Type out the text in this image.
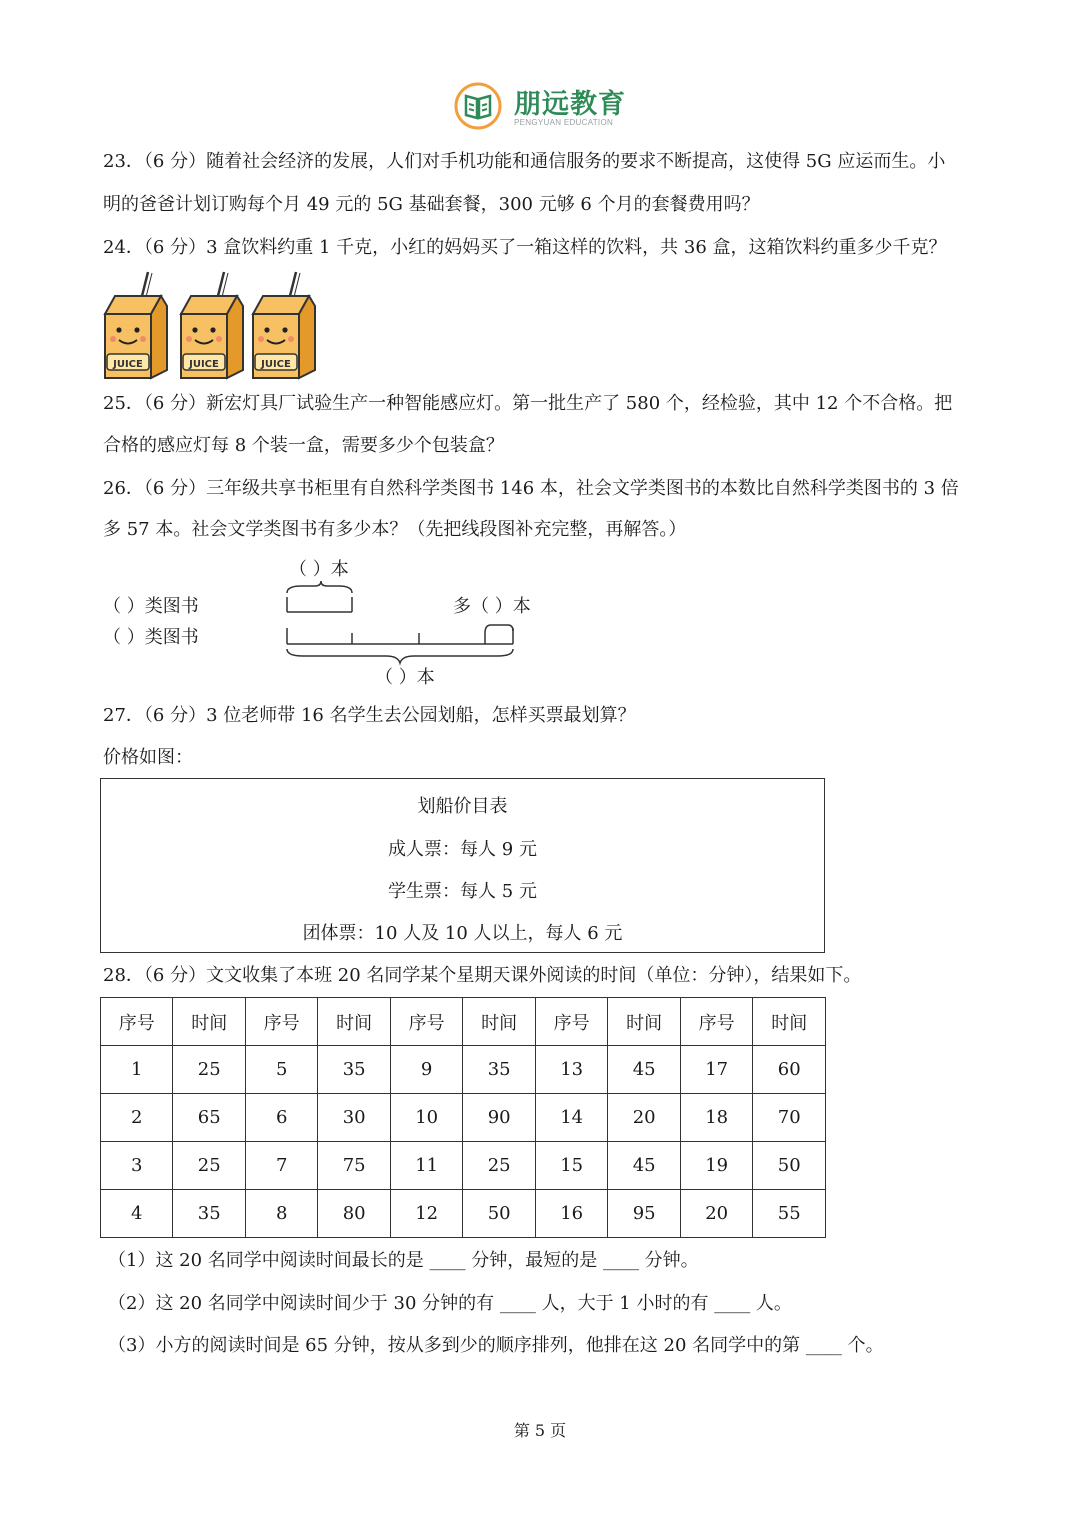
朋远教育
PENGYUAN EDUCATION
23．（6 分）随着社会经济的发展，人们对手机功能和通信服务的要求不断提高，这使得 5G 应运而生。小
明的爸爸计划订购每个月 49 元的 5G 基础套餐，300 元够 6 个月的套餐费用吗？
24．（6 分）3 盒饮料约重 1 千克，小红的妈妈买了一箱这样的饮料，共 36 盒，这箱饮料约重多少千克？
JUICE	JUICE	JUICE
25．（6 分）新宏灯具厂试验生产一种智能感应灯。第一批生产了 580 个，经检验，其中 12 个不合格。把
合格的感应灯每 8 个装一盒，需要多少个包装盒？
26．（6 分）三年级共享书柜里有自然科学类图书 146 本，社会文学类图书的本数比自然科学类图书的 3 倍
多 57 本。社会文学类图书有多少本？（先把线段图补充完整，再解答。）
（ ）本
（ ）类图书	多（ ）本
（ ）类图书
（ ）本
27．（6 分）3 位老师带 16 名学生去公园划船，怎样买票最划算？
价格如图：
划船价目表
成人票：每人 9 元
学生票：每人 5 元
团体票：10 人及 10 人以上，每人 6 元
28．（6 分）文文收集了本班 20 名同学某个星期天课外阅读的时间（单位：分钟），结果如下。
序号	时间	序号	时间	序号	时间	序号	时间	序号	时间
1	25	5	35	9	35	13	45	17	60
2	65	6	30	10	90	14	20	18	70
3	25	7	75	11	25	15	45	19	50
4	35	8	80	12	50	16	95	20	55
（1）这 20 名同学中阅读时间最长的是 ____ 分钟，最短的是 ____ 分钟。
（2）这 20 名同学中阅读时间少于 30 分钟的有 ____ 人，大于 1 小时的有 ____ 人。
（3）小方的阅读时间是 65 分钟，按从多到少的顺序排列，他排在这 20 名同学中的第 ____ 个。
第 5 页
